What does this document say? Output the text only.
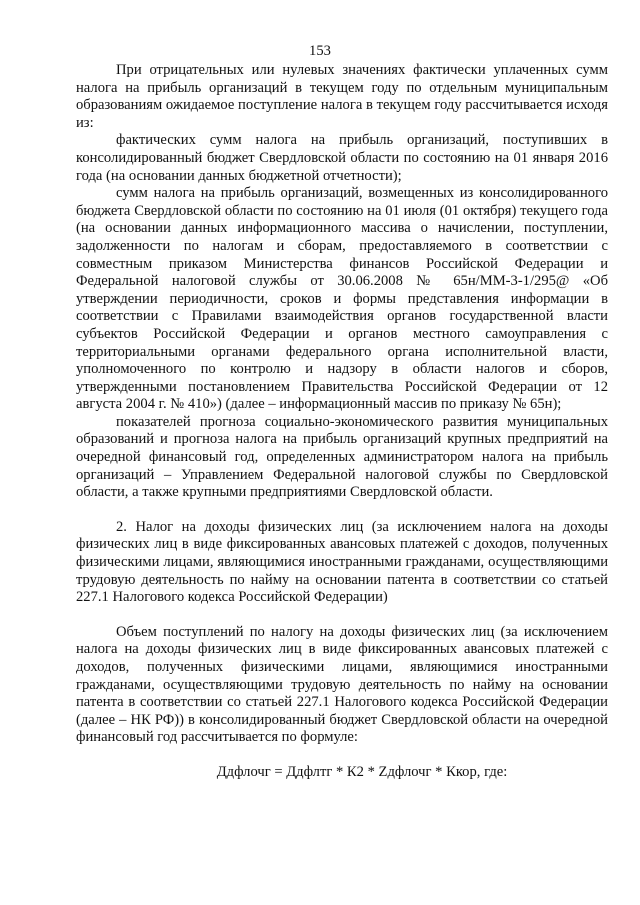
153

При отрицательных или нулевых значениях фактически уплаченных сумм налога на прибыль организаций в текущем году по отдельным муниципальным образованиям ожидаемое поступление налога в текущем году рассчитывается исходя из:

фактических сумм налога на прибыль организаций, поступивших в консолидированный бюджет Свердловской области по состоянию на 01 января 2016 года (на основании данных бюджетной отчетности);

сумм налога на прибыль организаций, возмещенных из консолидированного бюджета Свердловской области по состоянию на 01 июля (01 октября) текущего года (на основании данных информационного массива о начислении, поступлении, задолженности по налогам и сборам, предоставляемого в соответствии с совместным приказом Министерства финансов Российской Федерации и Федеральной налоговой службы от 30.06.2008 № 65н/ММ-3-1/295@ «Об утверждении периодичности, сроков и формы представления информации в соответствии с Правилами взаимодействия органов государственной власти субъектов Российской Федерации и органов местного самоуправления с территориальными органами федерального органа исполнительной власти, уполномоченного по контролю и надзору в области налогов и сборов, утвержденными постановлением Правительства Российской Федерации от 12 августа 2004 г. № 410») (далее – информационный массив по приказу № 65н);

показателей прогноза социально-экономического развития муниципальных образований и прогноза налога на прибыль организаций крупных предприятий на очередной финансовый год, определенных администратором налога на прибыль организаций – Управлением Федеральной налоговой службы по Свердловской области, а также крупными предприятиями Свердловской области.

2. Налог на доходы физических лиц (за исключением налога на доходы физических лиц в виде фиксированных авансовых платежей с доходов, полученных физическими лицами, являющимися иностранными гражданами, осуществляющими трудовую деятельность по найму на основании патента в соответствии со статьей 227.1 Налогового кодекса Российской Федерации)

Объем поступлений по налогу на доходы физических лиц (за исключением налога на доходы физических лиц в виде фиксированных авансовых платежей с доходов, полученных физическими лицами, являющимися иностранными гражданами, осуществляющими трудовую деятельность по найму на основании патента в соответствии со статьей 227.1 Налогового кодекса Российской Федерации (далее – НК РФ)) в консолидированный бюджет Свердловской области на очередной финансовый год рассчитывается по формуле:

Ддфлочг = Ддфлтг * К2 * Zдфлочг * Ккор, где:
